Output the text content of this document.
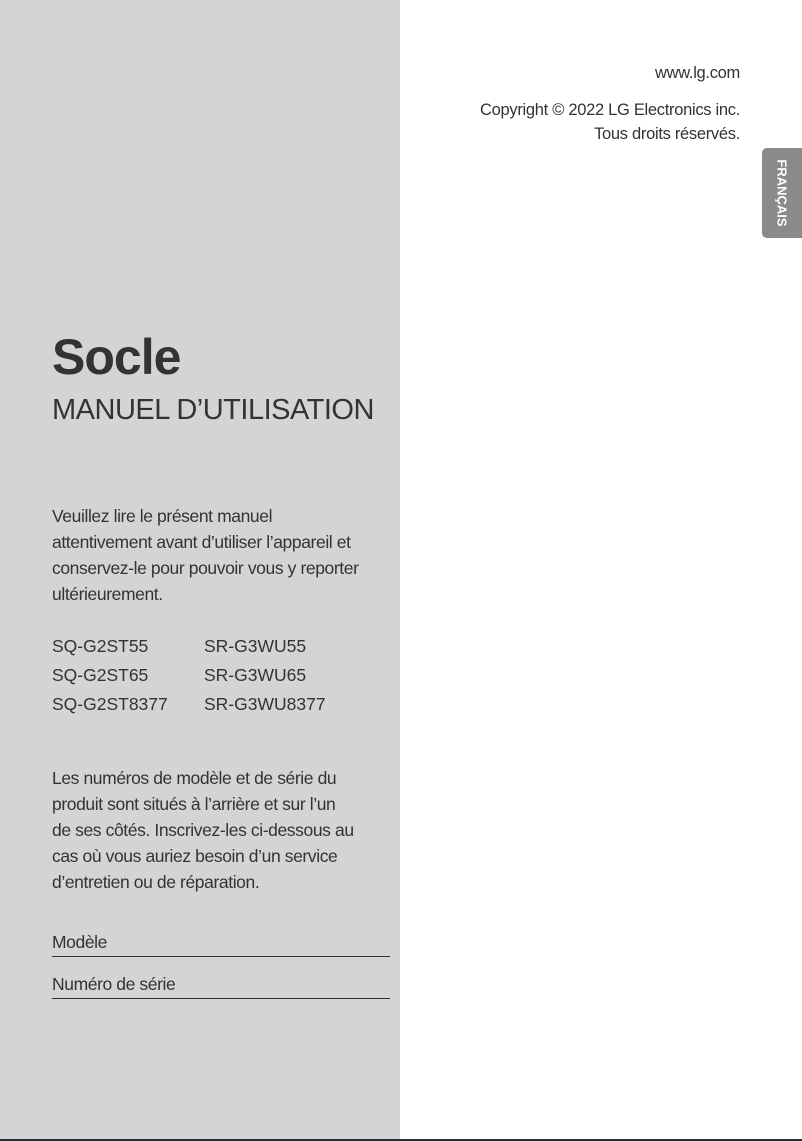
www.lg.com
Copyright © 2022 LG Electronics inc.
Tous droits réservés.
FRANÇAIS
Socle
MANUEL D’UTILISATION
Veuillez lire le présent manuel
attentivement avant d’utiliser l’appareil et
conservez-le pour pouvoir vous y reporter
ultérieurement.
SQ-G2ST55	SR-G3WU55
SQ-G2ST65	SR-G3WU65
SQ-G2ST8377	SR-G3WU8377
Les numéros de modèle et de série du
produit sont situés à l’arrière et sur l’un
de ses côtés. Inscrivez-les ci-dessous au
cas où vous auriez besoin d’un service
d’entretien ou de réparation.
Modèle
Numéro de série
